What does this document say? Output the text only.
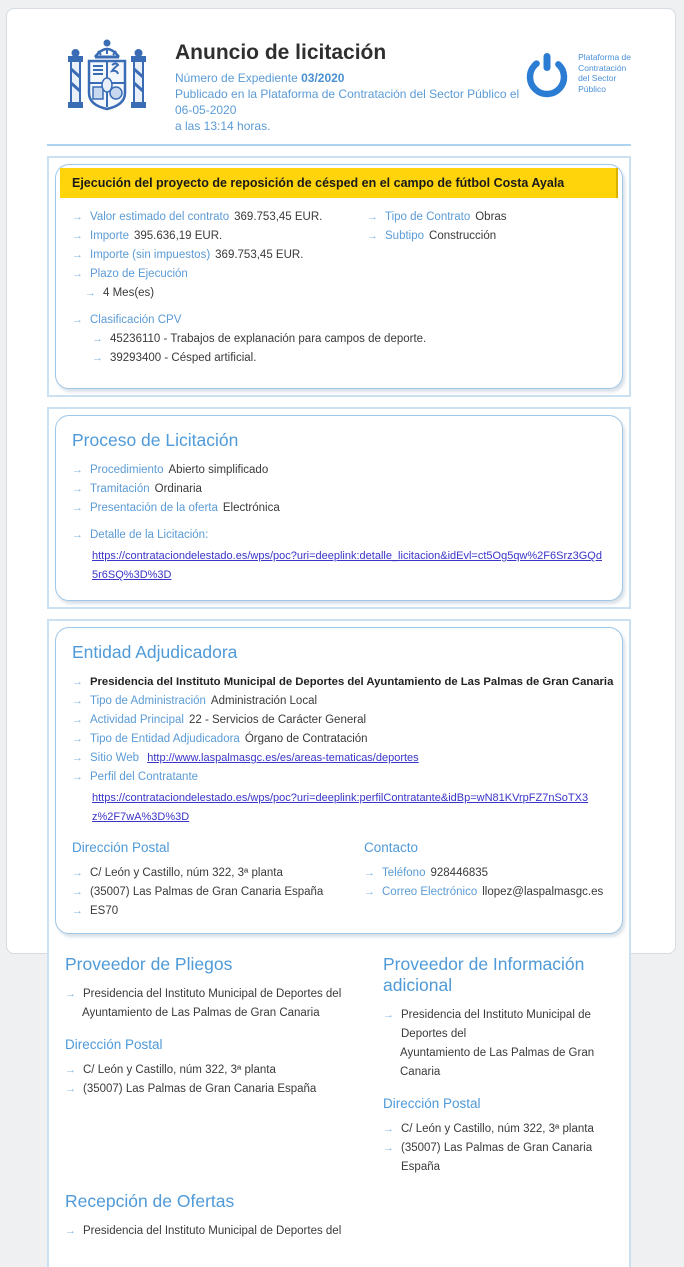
Anuncio de licitación
Número de Expediente 03/2020
Publicado en la Plataforma de Contratación del Sector Público el 06-05-2020
a las 13:14 horas.
Plataforma de
Contratación
del Sector
Público
Ejecución del proyecto de reposición de césped en el campo de fútbol Costa Ayala
→ Valor estimado del contrato 369.753,45 EUR.
→ Importe 395.636,19 EUR.
→ Importe (sin impuestos) 369.753,45 EUR.
→ Plazo de Ejecución
→ 4 Mes(es)
→ Tipo de Contrato Obras
→ Subtipo Construcción
→ Clasificación CPV
→ 45236110 - Trabajos de explanación para campos de deporte.
→ 39293400 - Césped artificial.
Proceso de Licitación
→ Procedimiento Abierto simplificado
→ Tramitación Ordinaria
→ Presentación de la oferta Electrónica
→ Detalle de la Licitación:
https://contrataciondelestado.es/wps/poc?uri=deeplink:detalle_licitacion&idEvl=ct5Og5qw%2F6Srz3GQd5r6SQ%3D%3D
Entidad Adjudicadora
→ Presidencia del Instituto Municipal de Deportes del Ayuntamiento de Las Palmas de Gran Canaria
→ Tipo de Administración Administración Local
→ Actividad Principal 22 - Servicios de Carácter General
→ Tipo de Entidad Adjudicadora Órgano de Contratación
→ Sitio Web http://www.laspalmasgc.es/es/areas-tematicas/deportes
→ Perfil del Contratante
https://contrataciondelestado.es/wps/poc?uri=deeplink:perfilContratante&idBp=wN81KVrpFZ7nSoTX3 z%2F7wA%3D%3D
Dirección Postal
→ C/ León y Castillo, núm 322, 3ª planta
→ (35007) Las Palmas de Gran Canaria España
→ ES70
Contacto
→ Teléfono 928446835
→ Correo Electrónico llopez@laspalmasgc.es
Proveedor de Pliegos
→ Presidencia del Instituto Municipal de Deportes del
Ayuntamiento de Las Palmas de Gran Canaria
Dirección Postal
→ C/ León y Castillo, núm 322, 3ª planta
→ (35007) Las Palmas de Gran Canaria España
Proveedor de Información adicional
→ Presidencia del Instituto Municipal de Deportes del
Ayuntamiento de Las Palmas de Gran Canaria
Dirección Postal
→ C/ León y Castillo, núm 322, 3ª planta
→ (35007) Las Palmas de Gran Canaria España
Recepción de Ofertas
→ Presidencia del Instituto Municipal de Deportes del
